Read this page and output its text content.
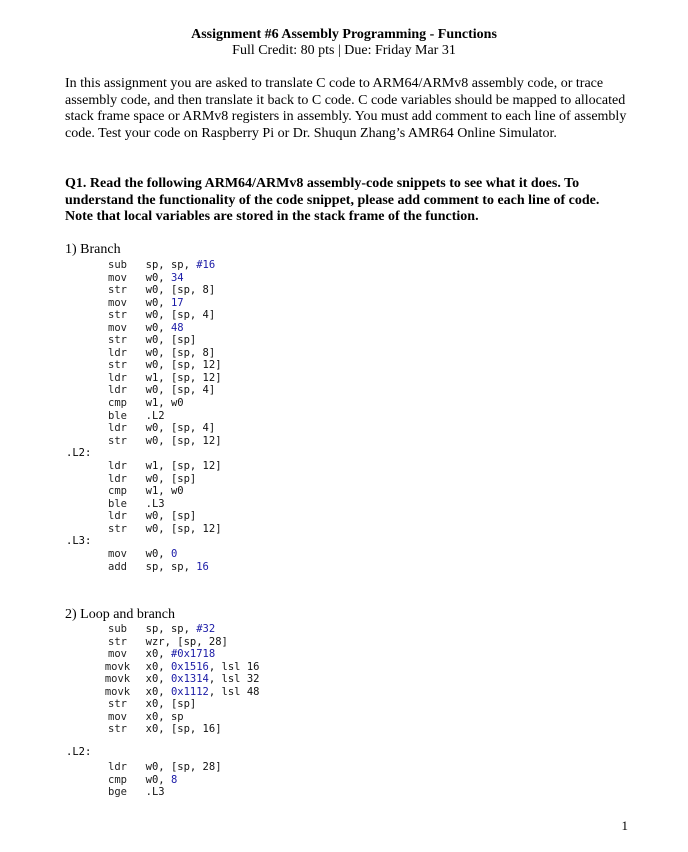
Assignment #6 Assembly Programming - Functions
Full Credit: 80 pts | Due: Friday Mar 31
In this assignment you are asked to translate C code to ARM64/ARMv8 assembly code, or trace assembly code, and then translate it back to C code. C code variables should be mapped to allocated stack frame space or ARMv8 registers in assembly. You must add comment to each line of assembly code. Test your code on Raspberry Pi or Dr. Shuqun Zhang’s AMR64 Online Simulator.
Q1. Read the following ARM64/ARMv8 assembly-code snippets to see what it does. To understand the functionality of the code snippet, please add comment to each line of code. Note that local variables are stored in the stack frame of the function.
1) Branch
sub sp, sp, #16
mov w0, 34
str w0, [sp, 8]
mov w0, 17
str w0, [sp, 4]
mov w0, 48
str w0, [sp]
ldr w0, [sp, 8]
str w0, [sp, 12]
ldr w1, [sp, 12]
ldr w0, [sp, 4]
cmp w1, w0
ble .L2
ldr w0, [sp, 4]
str w0, [sp, 12]
.L2:
ldr w1, [sp, 12]
ldr w0, [sp]
cmp w1, w0
ble .L3
ldr w0, [sp]
str w0, [sp, 12]
.L3:
mov w0, 0
add sp, sp, 16
2) Loop and branch
sub sp, sp, #32
str wzr, [sp, 28]
mov x0, #0x1718
movk x0, 0x1516, lsl 16
movk x0, 0x1314, lsl 32
movk x0, 0x1112, lsl 48
str x0, [sp]
mov x0, sp
str x0, [sp, 16]
.L2:
ldr w0, [sp, 28]
cmp w0, 8
bge .L3
1
